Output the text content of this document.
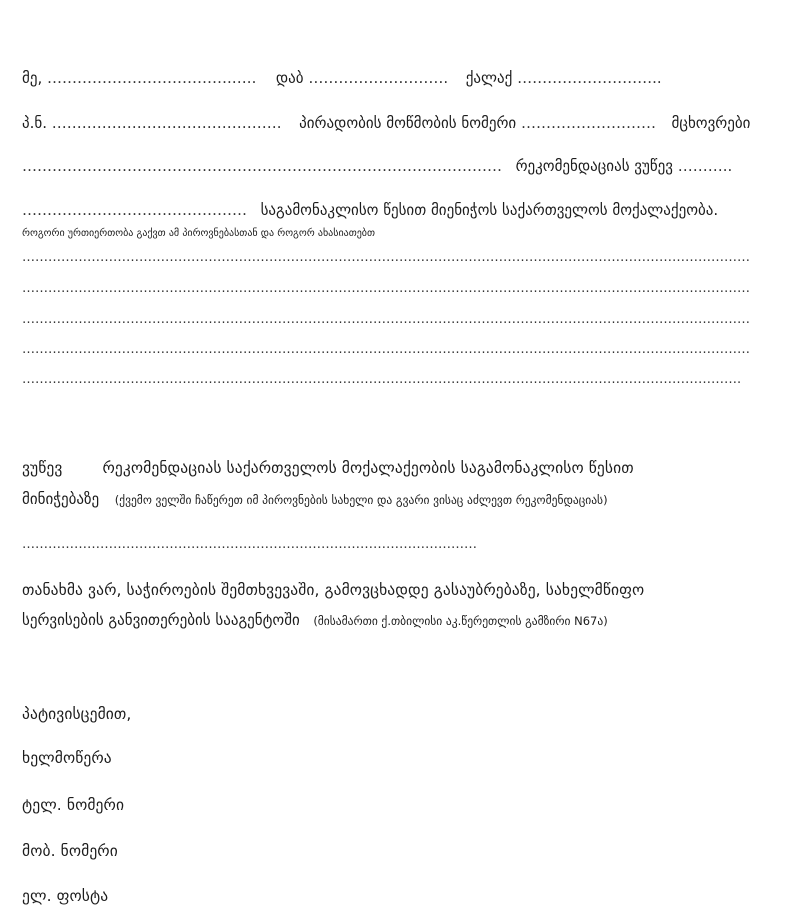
მე, ……………………………….….. დაბ ………………………. ქალაქ ………………………..
პ.ნ. ………………………………………. პირადობის მოწმობის ნომერი ……………………… მცხოვრები
…………………………………………………………………………………… რეკომენდაციას ვუწევ ………..
……………………………………… საგამონაკლისო წესით მიენიჭოს საქართველოს მოქალაქეობა.
როგორი ურთიერთობა გაქვთ ამ პიროვნებასთან და როგორ ახასიათებთ
……………………………………………………………………………………………………………………………………………………
……………………………………………………………………………………………………………………………………………………
……………………………………………………………………………………………………………………………………………………
……………………………………………………………………………………………………………………………………………………
………………………………………………………………………………………………………………………………………………….
ვუწევ	რეკომენდაციას საქართველოს მოქალაქეობის საგამონაკლისო წესით
მინიჭებაზე (ქვემო ველში ჩაწერეთ იმ პიროვნების სახელი და გვარი ვისაც აძლევთ რეკომენდაციას)
……………………………………………………………………………………………
თანახმა ვარ, საჭიროების შემთხვევაში, გამოვცხადდე გასაუბრებაზე, სახელმწიფო
სერვისების განვითერების სააგენტოში (მისამართი ქ.თბილისი აკ.წერეთლის გამზირი N67ა)
პატივისცემით,
ხელმოწერა
ტელ. ნომერი
მობ. ნომერი
ელ. ფოსტა
